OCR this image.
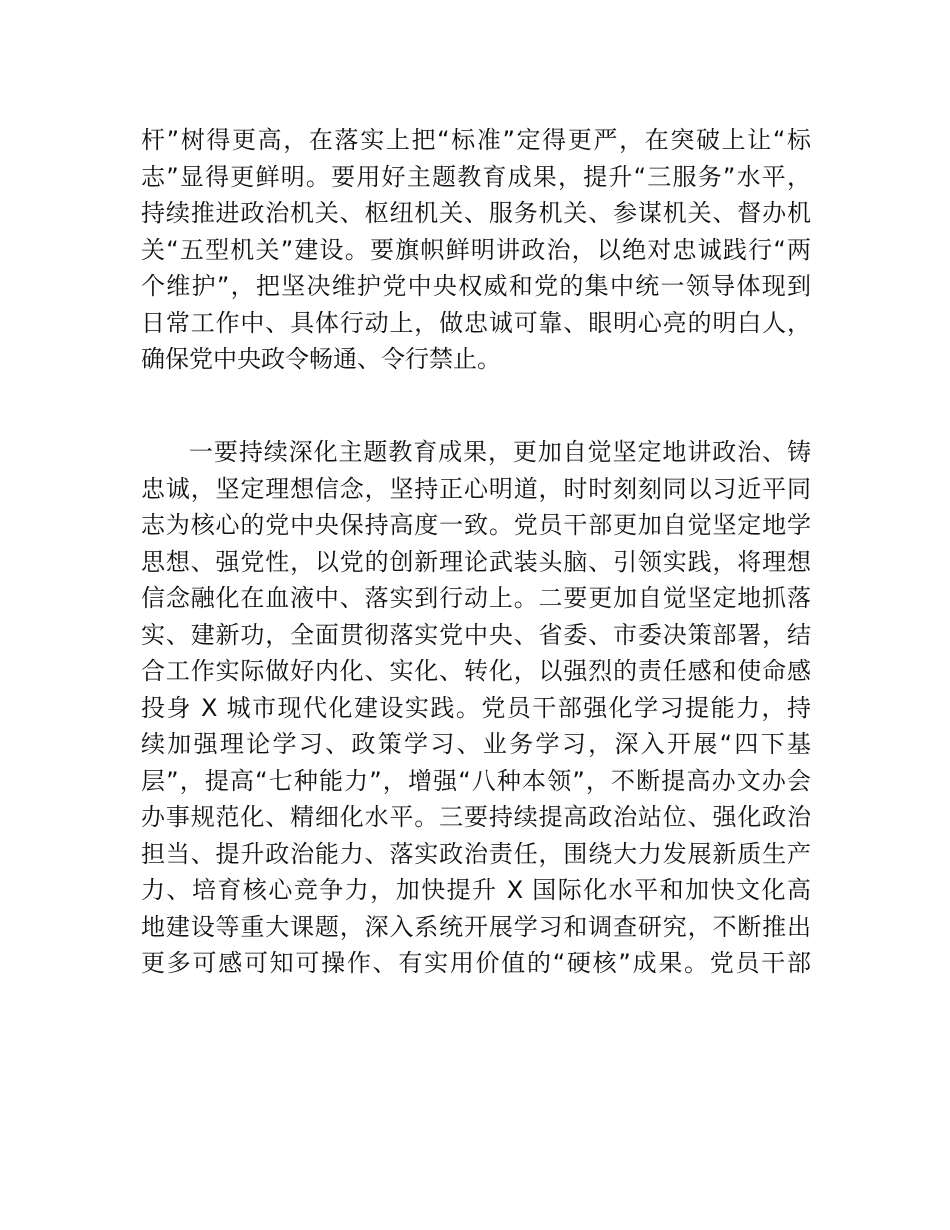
杆”树得更高，在落实上把“标准”定得更严，在突破上让“标
志”显得更鲜明。要用好主题教育成果，提升“三服务”水平，
持续推进政治机关、枢纽机关、服务机关、参谋机关、督办机
关“五型机关”建设。要旗帜鲜明讲政治，以绝对忠诚践行“两
个维护”，把坚决维护党中央权威和党的集中统一领导体现到
日常工作中、具体行动上，做忠诚可靠、眼明心亮的明白人，
确保党中央政令畅通、令行禁止。
一要持续深化主题教育成果，更加自觉坚定地讲政治、铸
忠诚，坚定理想信念，坚持正心明道，时时刻刻同以习近平同
志为核心的党中央保持高度一致。党员干部更加自觉坚定地学
思想、强党性，以党的创新理论武装头脑、引领实践，将理想
信念融化在血液中、落实到行动上。二要更加自觉坚定地抓落
实、建新功，全面贯彻落实党中央、省委、市委决策部署，结
合工作实际做好内化、实化、转化，以强烈的责任感和使命感
投身 X 城市现代化建设实践。党员干部强化学习提能力，持
续加强理论学习、政策学习、业务学习，深入开展“四下基
层”，提高“七种能力”，增强“八种本领”，不断提高办文办会
办事规范化、精细化水平。三要持续提高政治站位、强化政治
担当、提升政治能力、落实政治责任，围绕大力发展新质生产
力、培育核心竞争力，加快提升 X 国际化水平和加快文化高
地建设等重大课题，深入系统开展学习和调查研究，不断推出
更多可感可知可操作、有实用价值的“硬核”成果。党员干部
